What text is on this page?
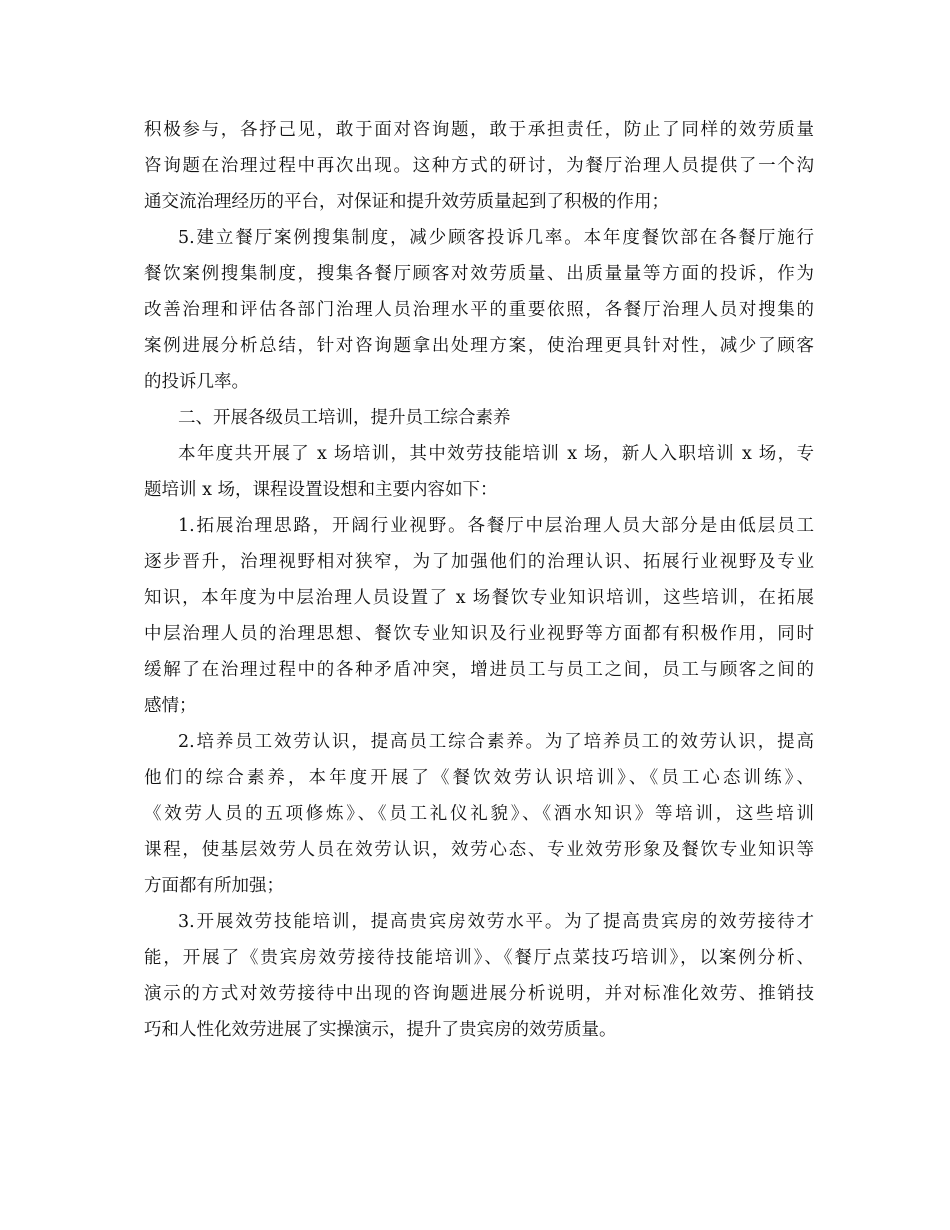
积极参与，各抒己见，敢于面对咨询题，敢于承担责任，防止了同样的效劳质量
咨询题在治理过程中再次出现。这种方式的研讨，为餐厅治理人员提供了一个沟
通交流治理经历的平台，对保证和提升效劳质量起到了积极的作用；
5.建立餐厅案例搜集制度，减少顾客投诉几率。本年度餐饮部在各餐厅施行
餐饮案例搜集制度，搜集各餐厅顾客对效劳质量、出质量量等方面的投诉，作为
改善治理和评估各部门治理人员治理水平的重要依照，各餐厅治理人员对搜集的
案例进展分析总结，针对咨询题拿出处理方案，使治理更具针对性，减少了顾客
的投诉几率。
二、开展各级员工培训，提升员工综合素养
本年度共开展了 x 场培训，其中效劳技能培训 x 场，新人入职培训 x 场，专
题培训 x 场，课程设置设想和主要内容如下：
1.拓展治理思路，开阔行业视野。各餐厅中层治理人员大部分是由低层员工
逐步晋升，治理视野相对狭窄，为了加强他们的治理认识、拓展行业视野及专业
知识，本年度为中层治理人员设置了 x 场餐饮专业知识培训，这些培训，在拓展
中层治理人员的治理思想、餐饮专业知识及行业视野等方面都有积极作用，同时
缓解了在治理过程中的各种矛盾冲突，增进员工与员工之间，员工与顾客之间的
感情；
2.培养员工效劳认识，提高员工综合素养。为了培养员工的效劳认识，提高
他们的综合素养，本年度开展了《餐饮效劳认识培训》、《员工心态训练》、
《效劳人员的五项修炼》、《员工礼仪礼貌》、《酒水知识》等培训，这些培训
课程，使基层效劳人员在效劳认识，效劳心态、专业效劳形象及餐饮专业知识等
方面都有所加强；
3.开展效劳技能培训，提高贵宾房效劳水平。为了提高贵宾房的效劳接待才
能，开展了《贵宾房效劳接待技能培训》、《餐厅点菜技巧培训》，以案例分析、
演示的方式对效劳接待中出现的咨询题进展分析说明，并对标准化效劳、推销技
巧和人性化效劳进展了实操演示，提升了贵宾房的效劳质量。
